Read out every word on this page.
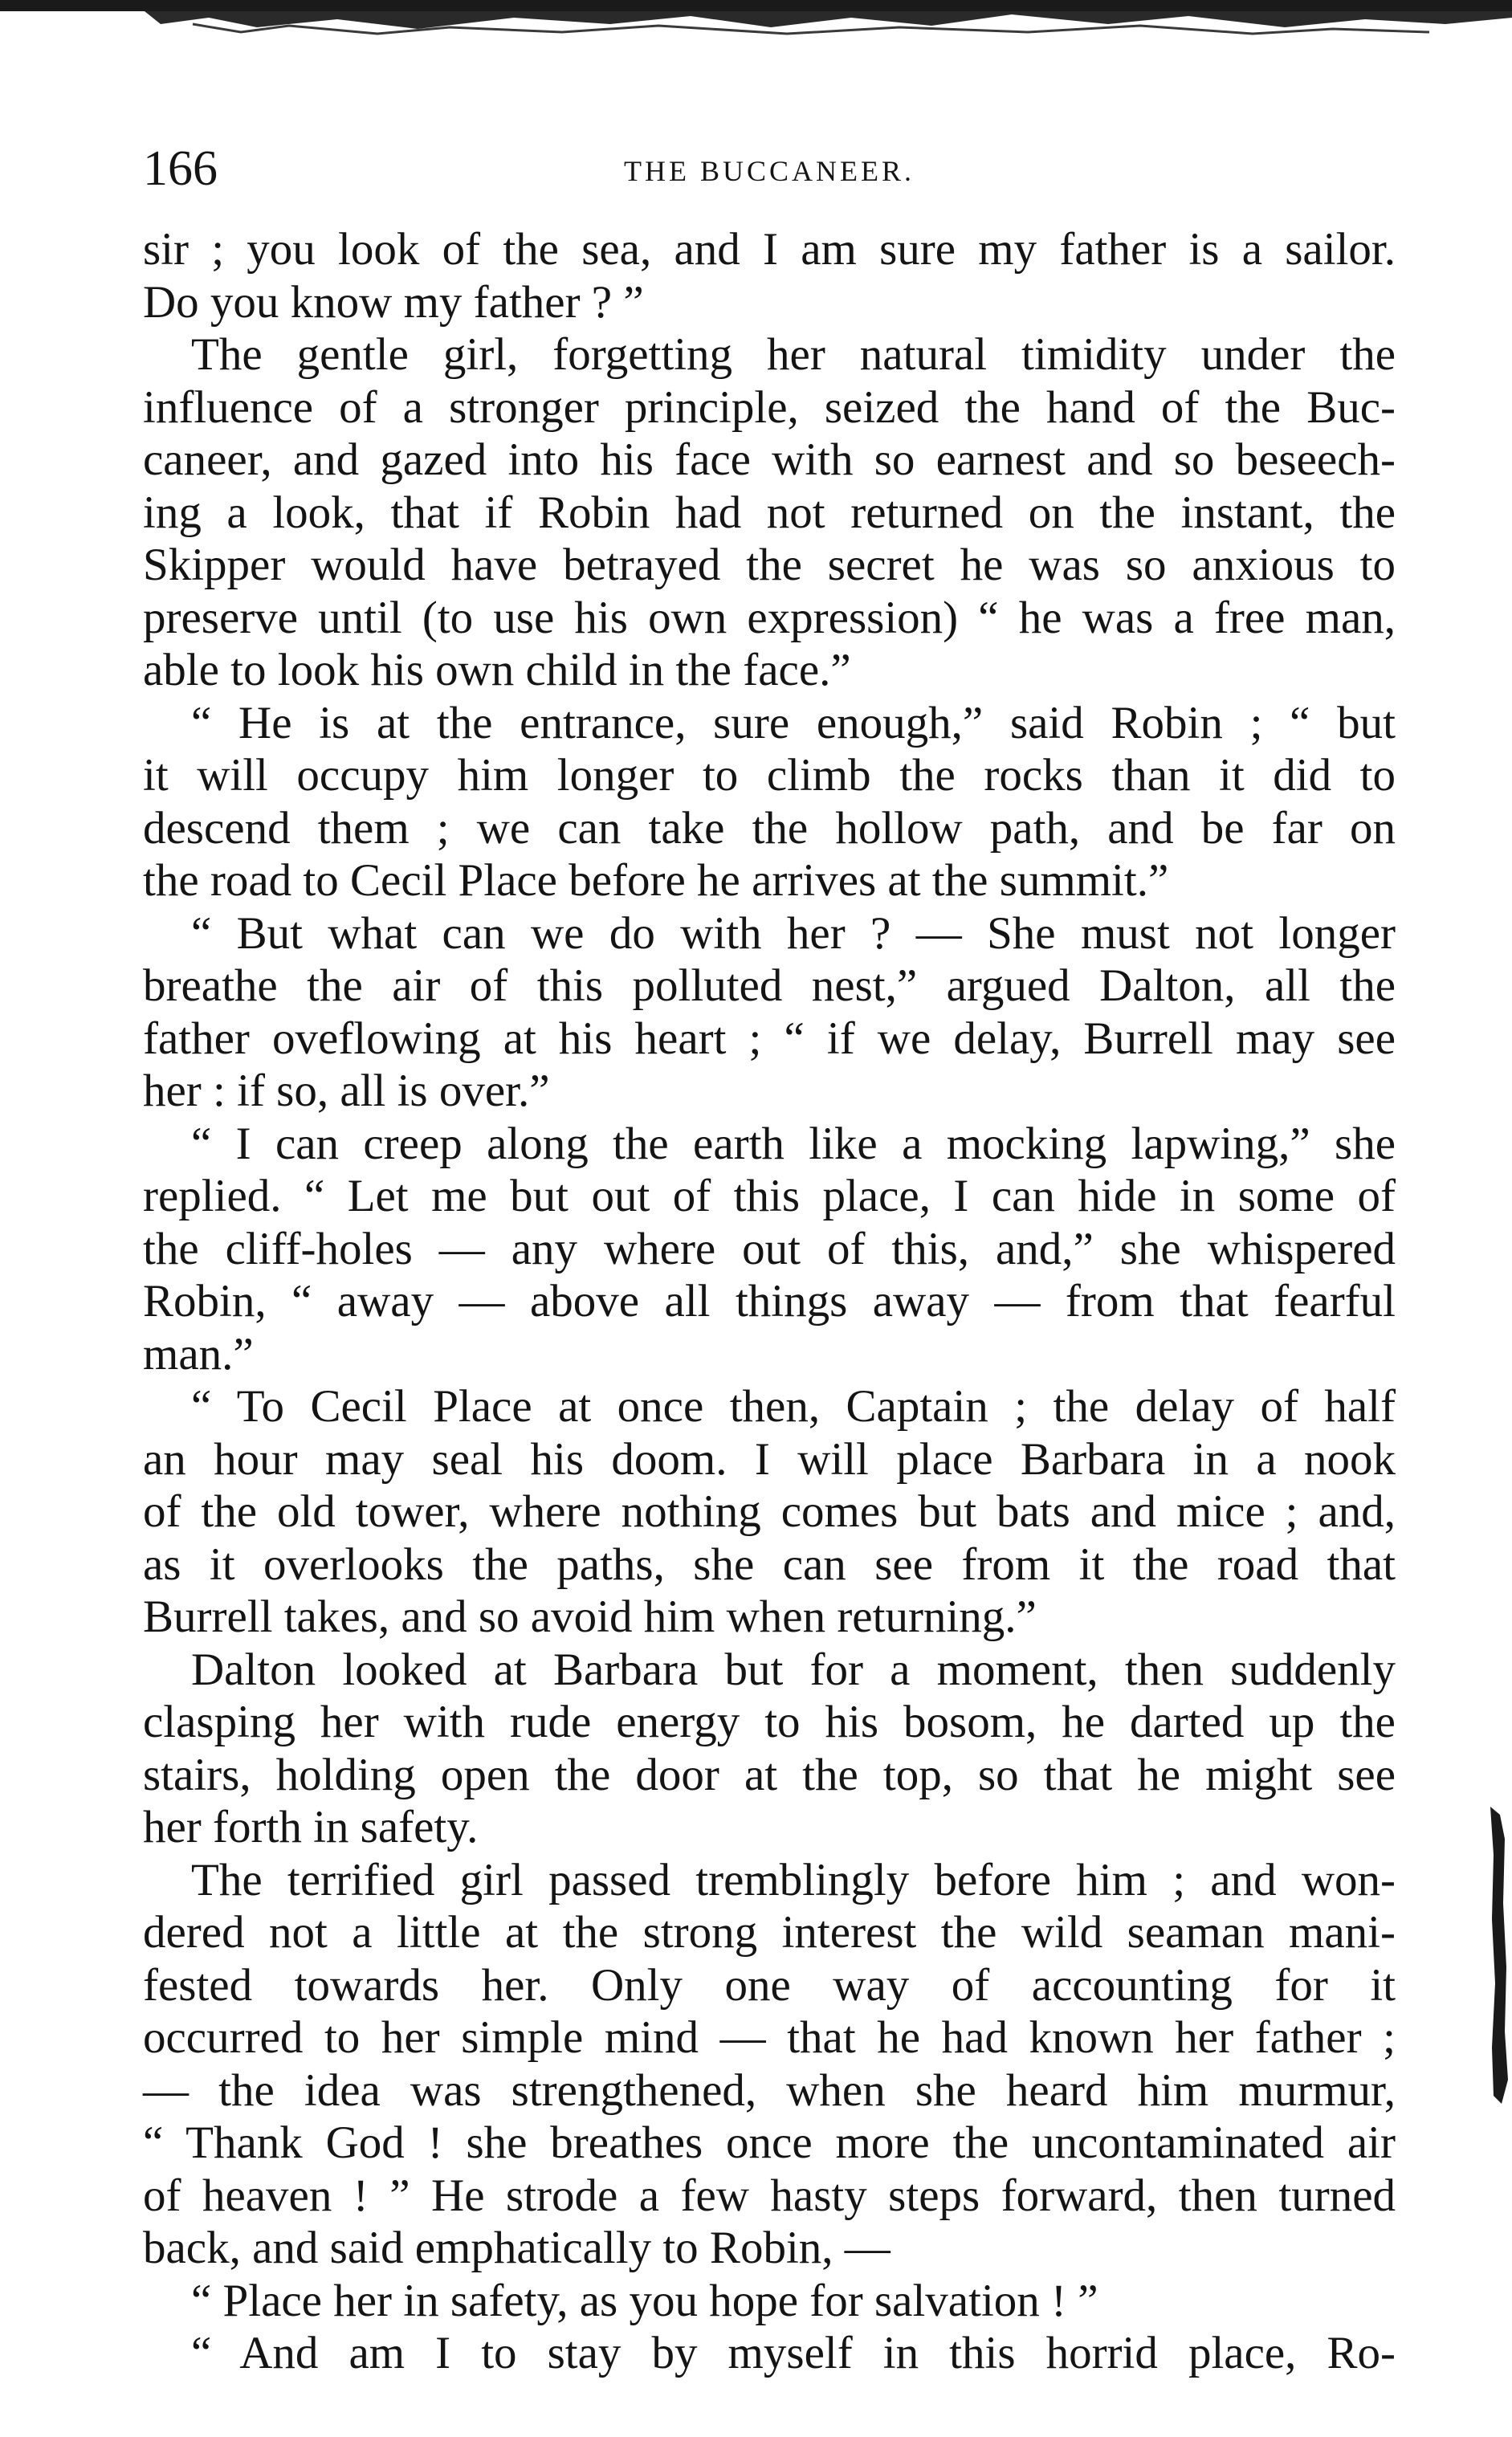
166	THE BUCCANEER.
sir ; you look of the sea, and I am sure my father is a sailor.
Do you know my father ? ”
The gentle girl, forgetting her natural timidity under the
influence of a stronger principle, seized the hand of the Buc-
caneer, and gazed into his face with so earnest and so beseech-
ing a look, that if Robin had not returned on the instant, the
Skipper would have betrayed the secret he was so anxious to
preserve until (to use his own expression) “ he was a free man,
able to look his own child in the face.”
“ He is at the entrance, sure enough,” said Robin ; “ but
it will occupy him longer to climb the rocks than it did to
descend them ; we can take the hollow path, and be far on
the road to Cecil Place before he arrives at the summit.”
“ But what can we do with her ? — She must not longer
breathe the air of this polluted nest,” argued Dalton, all the
father oveflowing at his heart ; “ if we delay, Burrell may see
her : if so, all is over.”
“ I can creep along the earth like a mocking lapwing,” she
replied. “ Let me but out of this place, I can hide in some of
the cliff-holes — any where out of this, and,” she whispered
Robin, “ away — above all things away — from that fearful
man.”
“ To Cecil Place at once then, Captain ; the delay of half
an hour may seal his doom. I will place Barbara in a nook
of the old tower, where nothing comes but bats and mice ; and,
as it overlooks the paths, she can see from it the road that
Burrell takes, and so avoid him when returning.”
Dalton looked at Barbara but for a moment, then suddenly
clasping her with rude energy to his bosom, he darted up the
stairs, holding open the door at the top, so that he might see
her forth in safety.
The terrified girl passed tremblingly before him ; and won-
dered not a little at the strong interest the wild seaman mani-
fested towards her. Only one way of accounting for it
occurred to her simple mind — that he had known her father ;
— the idea was strengthened, when she heard him murmur,
“ Thank God ! she breathes once more the uncontaminated air
of heaven ! ” He strode a few hasty steps forward, then turned
back, and said emphatically to Robin, —
“ Place her in safety, as you hope for salvation ! ”
“ And am I to stay by myself in this horrid place, Ro-
